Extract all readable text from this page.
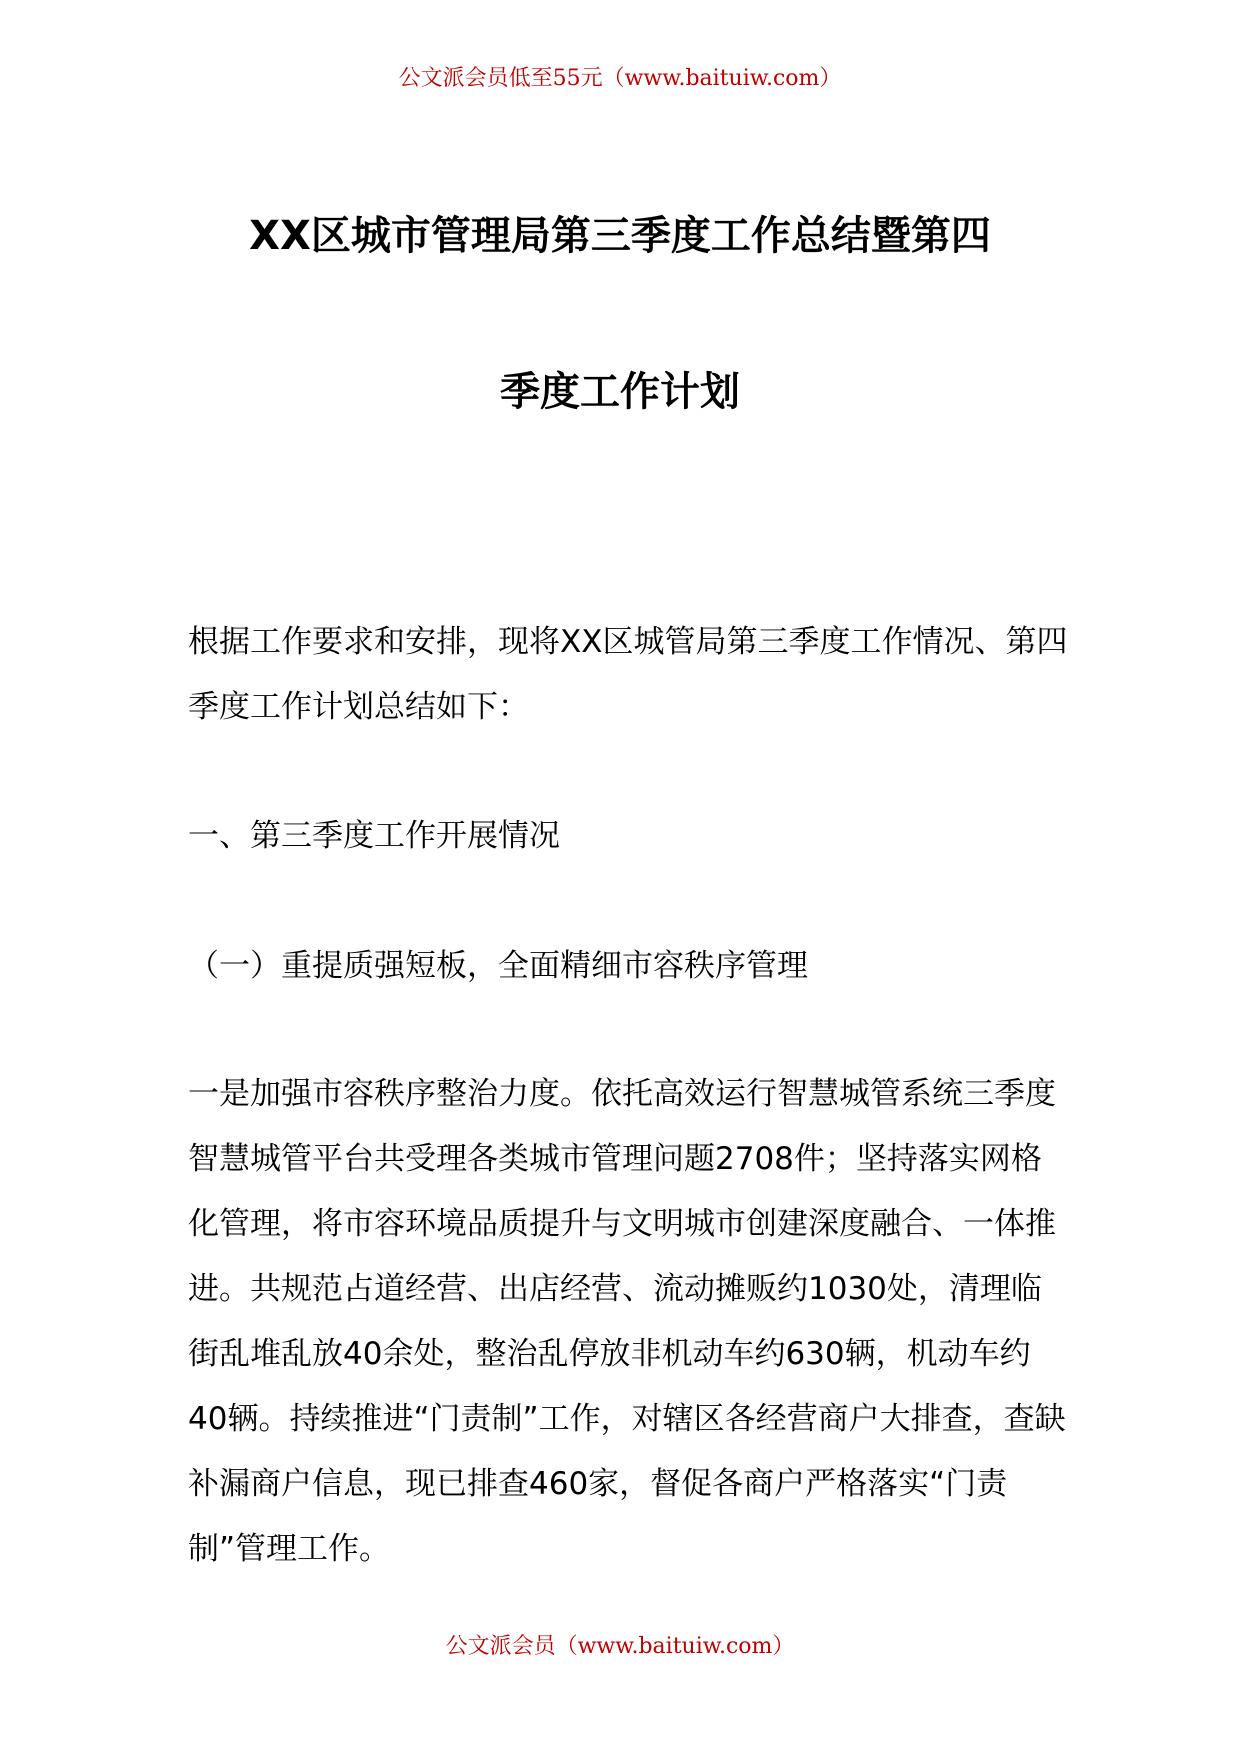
公文派会员低至55元（www.baituiw.com）
XX区城市管理局第三季度工作总结暨第四
季度工作计划
根据工作要求和安排，现将XX区城管局第三季度工作情况、第四季度工作计划总结如下：
一、第三季度工作开展情况
（一）重提质强短板，全面精细市容秩序管理
一是加强市容秩序整治力度。依托高效运行智慧城管系统三季度智慧城管平台共受理各类城市管理问题2708件；坚持落实网格化管理，将市容环境品质提升与文明城市创建深度融合、一体推进。共规范占道经营、出店经营、流动摊贩约1030处，清理临街乱堆乱放40余处，整治乱停放非机动车约630辆，机动车约40辆。持续推进“门责制”工作，对辖区各经营商户大排查，查缺补漏商户信息，现已排查460家，督促各商户严格落实“门责制”管理工作。
公文派会员（www.baituiw.com）
